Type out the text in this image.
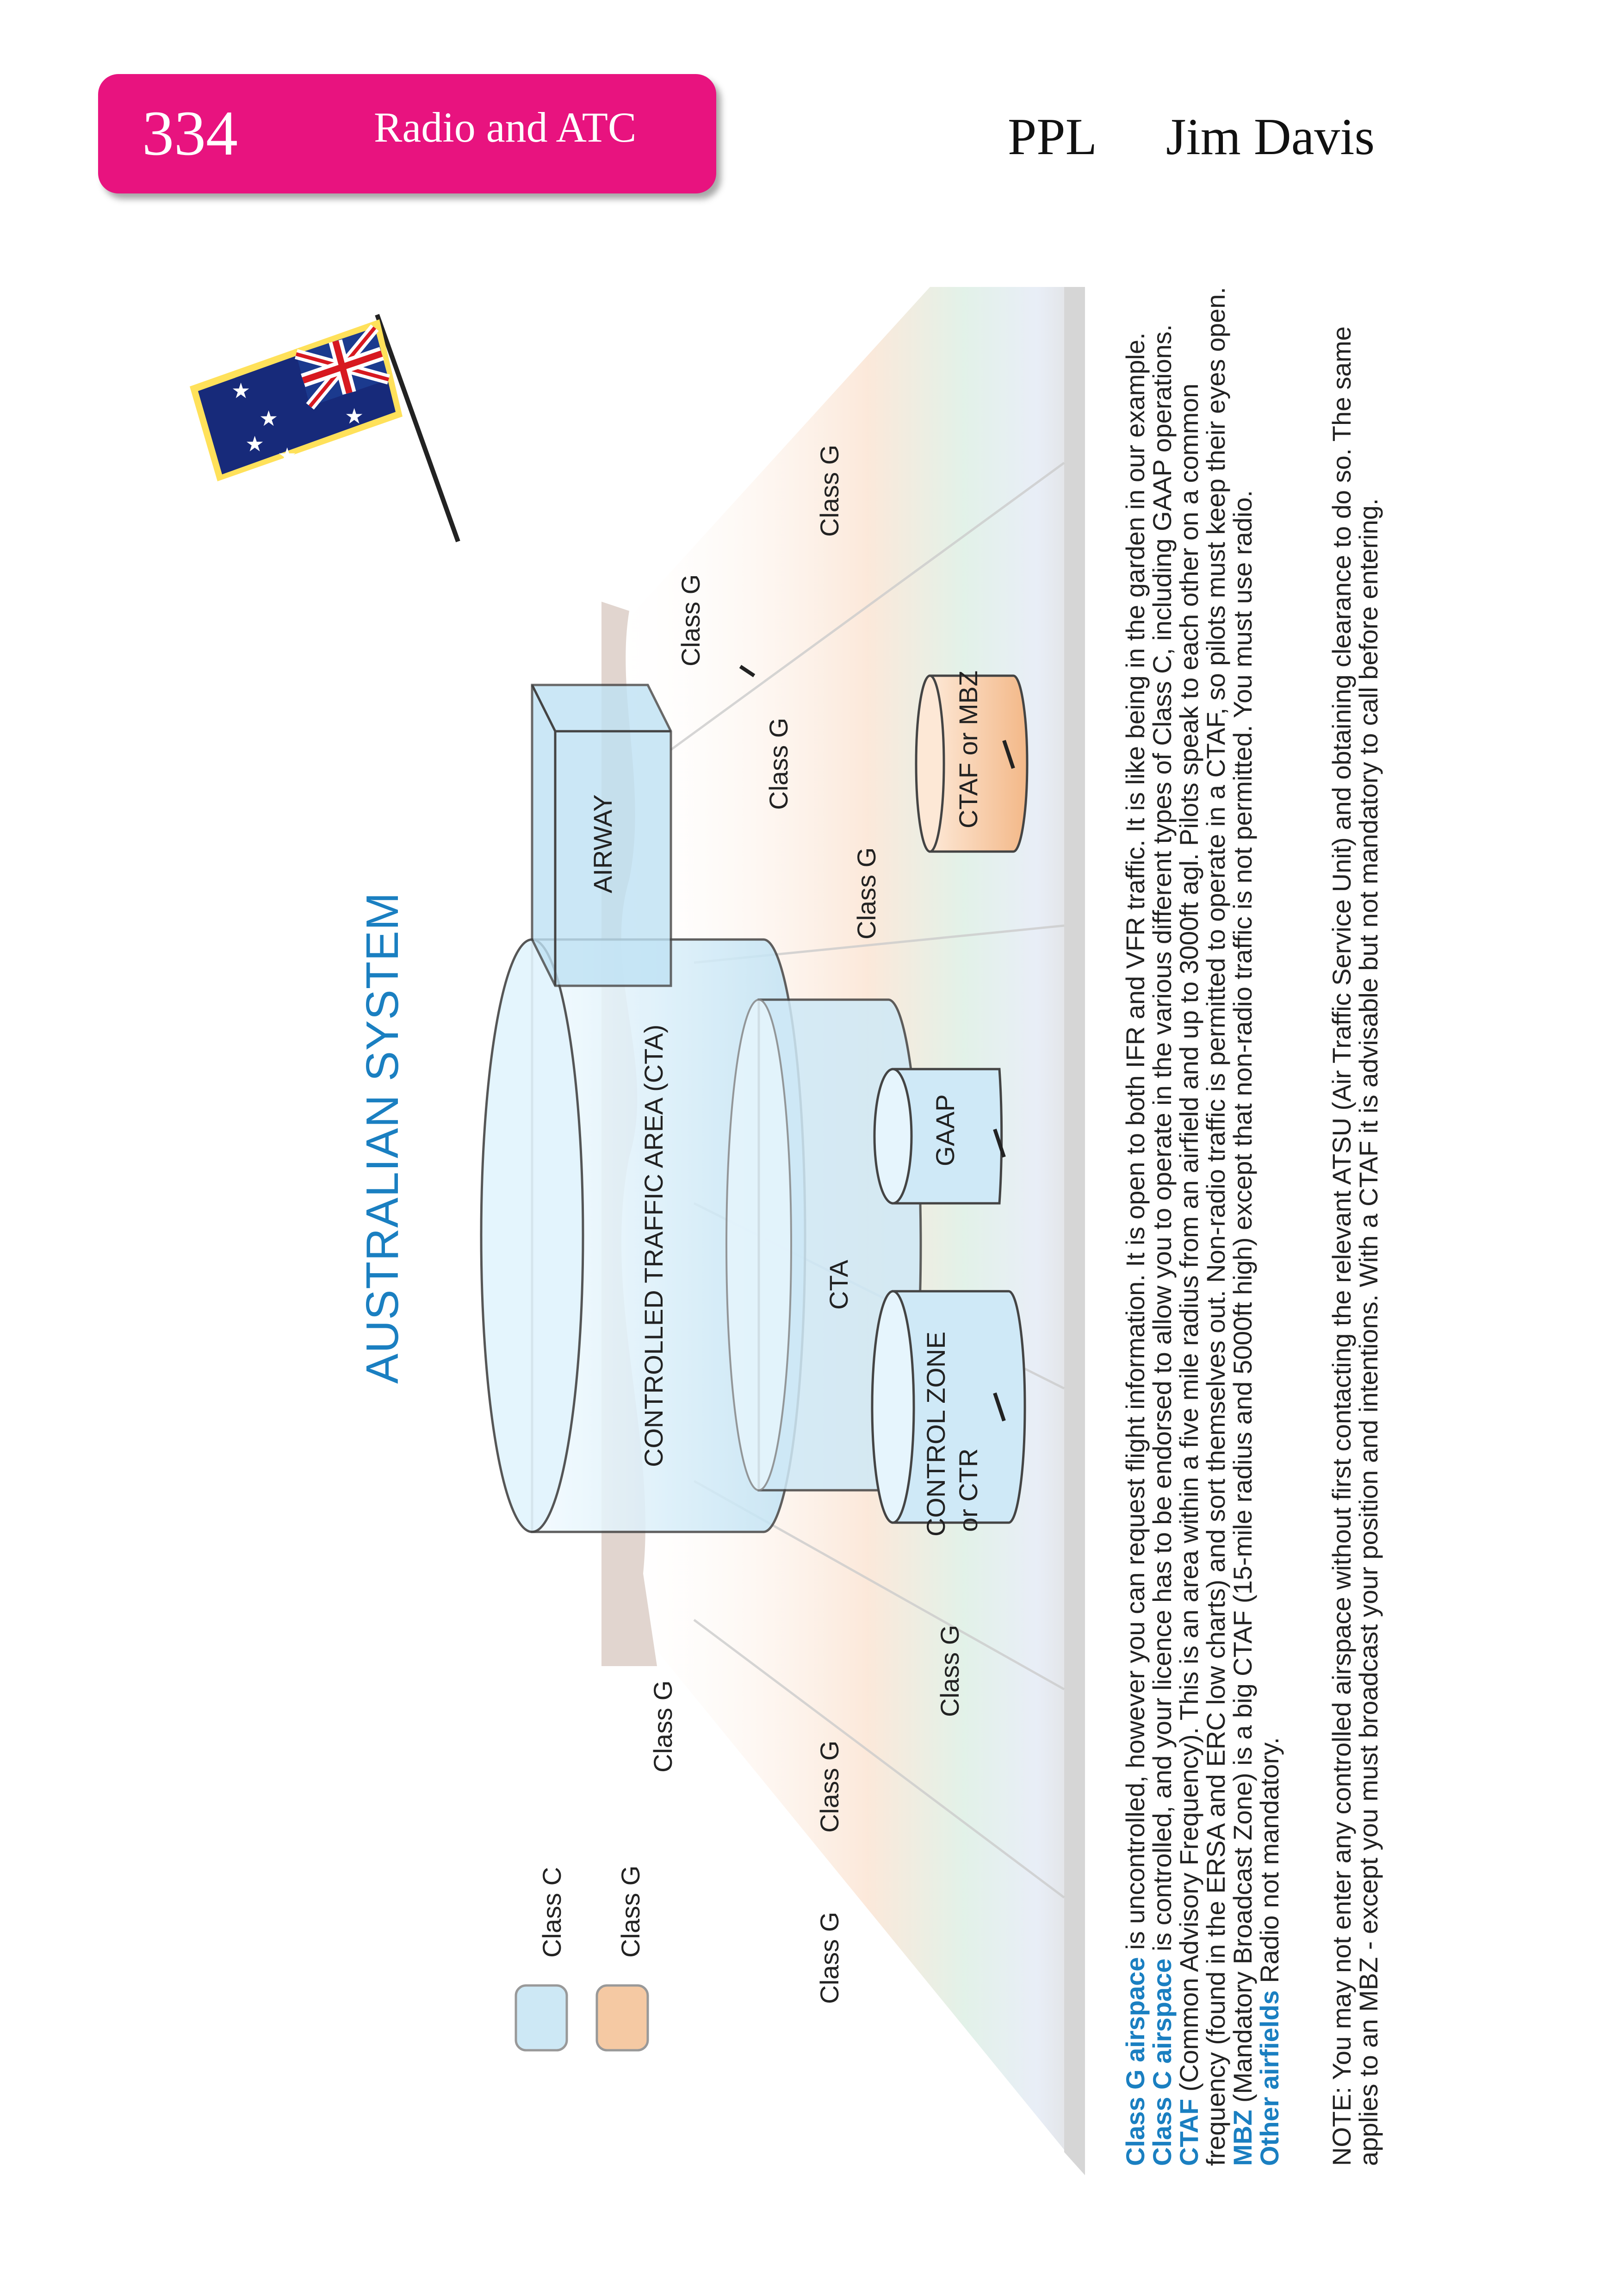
334	Radio and ATC	PPL Jim Davis
★
★
★ ★
★
AUSTRALIAN SYSTEM	CONTROLLED TRAFFIC AREA (CTA)	CTA
AIRWAY
GAAP
CONTROL ZONE or CTR
CTAF or MBZ
Class G
Class G
Class G
Class G
Class G
Class G
Class G
Class G
Class C Class G
Class G airspace is uncontrolled, however you can request flight information. It is open to both IFR and VFR traffic. It is like being in the garden in our example.
Class C airspace is controlled, and your licence has to be endorsed to allow you to operate in the various different types of Class C, including GAAP operations.
CTAF (Common Advisory Frequency). This is an area within a five mile radius from an airfield and up to 3000ft agl. Pilots speak to each other on a common
frequency (found in the ERSA and ERC low charts) and sort themselves out. Non-radio traffic is permitted to operate in a CTAF, so pilots must keep their eyes open.
MBZ (Mandatory Broadcast Zone) is a big CTAF (15-mile radius and 5000ft high) except that non-radio traffic is not permitted. You must use radio.
Other airfields Radio not mandatory. NOTE: You may not enter any controlled airspace without first contacting the relevant ATSU (Air Traffic Service Unit) and obtaining clearance to do so. The same
applies to an MBZ - except you must broadcast your position and intentions. With a CTAF it is advisable but not mandatory to call before entering.
